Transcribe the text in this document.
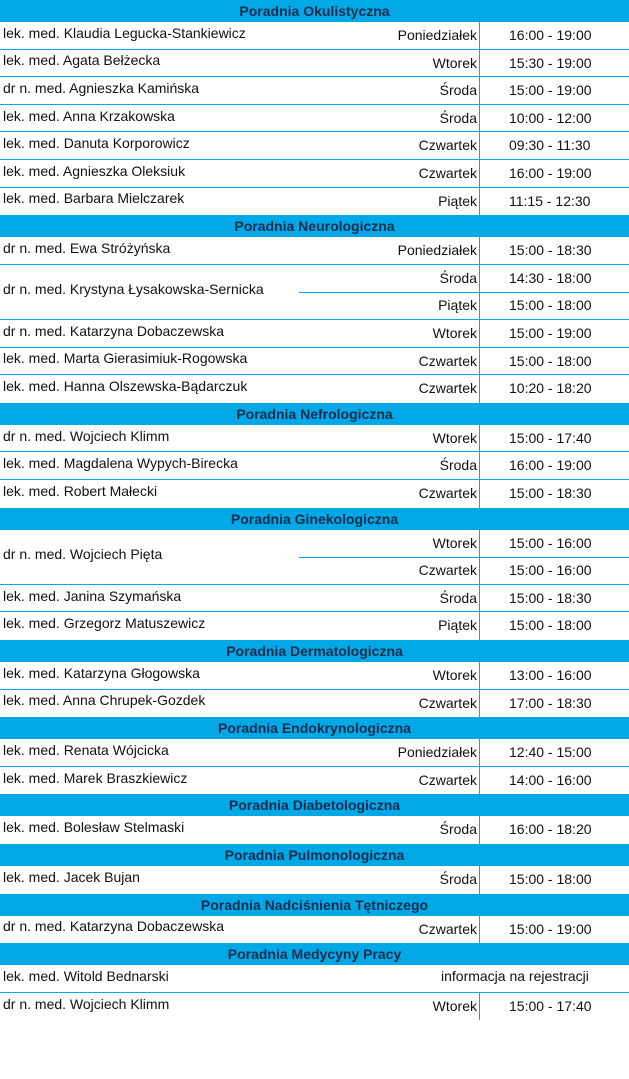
Poradnia Okulistyczna
lek. med. Klaudia Legucka-Stankiewicz	Poniedziałek 16:00 - 19:00
lek. med. Agata Bełżecka	Wtorek 15:30 - 19:00
dr n. med. Agnieszka Kamińska	Środa 15:00 - 19:00
lek. med. Anna Krzakowska	Środa 10:00 - 12:00
lek. med. Danuta Korporowicz	Czwartek 09:30 - 11:30
lek. med. Agnieszka Oleksiuk	Czwartek 16:00 - 19:00
lek. med. Barbara Mielczarek	Piątek 11:15 - 12:30
Poradnia Neurologiczna
dr n. med. Ewa Stróżyńska	Poniedziałek 15:00 - 18:30
dr n. med. Krystyna Łysakowska-Sernicka
Środa 14:30 - 18:00
Piątek 15:00 - 18:00
dr n. med. Katarzyna Dobaczewska	Wtorek 15:00 - 19:00
lek. med. Marta Gierasimiuk-Rogowska	Czwartek 15:00 - 18:00
lek. med. Hanna Olszewska-Bądarczuk	Czwartek 10:20 - 18:20
Poradnia Nefrologiczna
dr n. med. Wojciech Klimm	Wtorek 15:00 - 17:40
lek. med. Magdalena Wypych-Birecka	Środa 16:00 - 19:00
lek. med. Robert Małecki	Czwartek 15:00 - 18:30
Poradnia Ginekologiczna
dr n. med. Wojciech Pięta
Wtorek 15:00 - 16:00
Czwartek 15:00 - 16:00
lek. med. Janina Szymańska	Środa 15:00 - 18:30
lek. med. Grzegorz Matuszewicz	Piątek 15:00 - 18:00
Poradnia Dermatologiczna
lek. med. Katarzyna Głogowska	Wtorek 13:00 - 16:00
lek. med. Anna Chrupek-Gozdek	Czwartek 17:00 - 18:30
Poradnia Endokrynologiczna
lek. med. Renata Wójcicka	Poniedziałek 12:40 - 15:00
lek. med. Marek Braszkiewicz	Czwartek 14:00 - 16:00
Poradnia Diabetologiczna
lek. med. Bolesław Stelmaski	Środa 16:00 - 18:20
Poradnia Pulmonologiczna
lek. med. Jacek Bujan	Środa 15:00 - 18:00
Poradnia Nadciśnienia Tętniczego
dr n. med. Katarzyna Dobaczewska	Czwartek 15:00 - 19:00
Poradnia Medycyny Pracy
lek. med. Witold Bednarski	informacja na rejestracji
dr n. med. Wojciech Klimm	Wtorek 15:00 - 17:40
